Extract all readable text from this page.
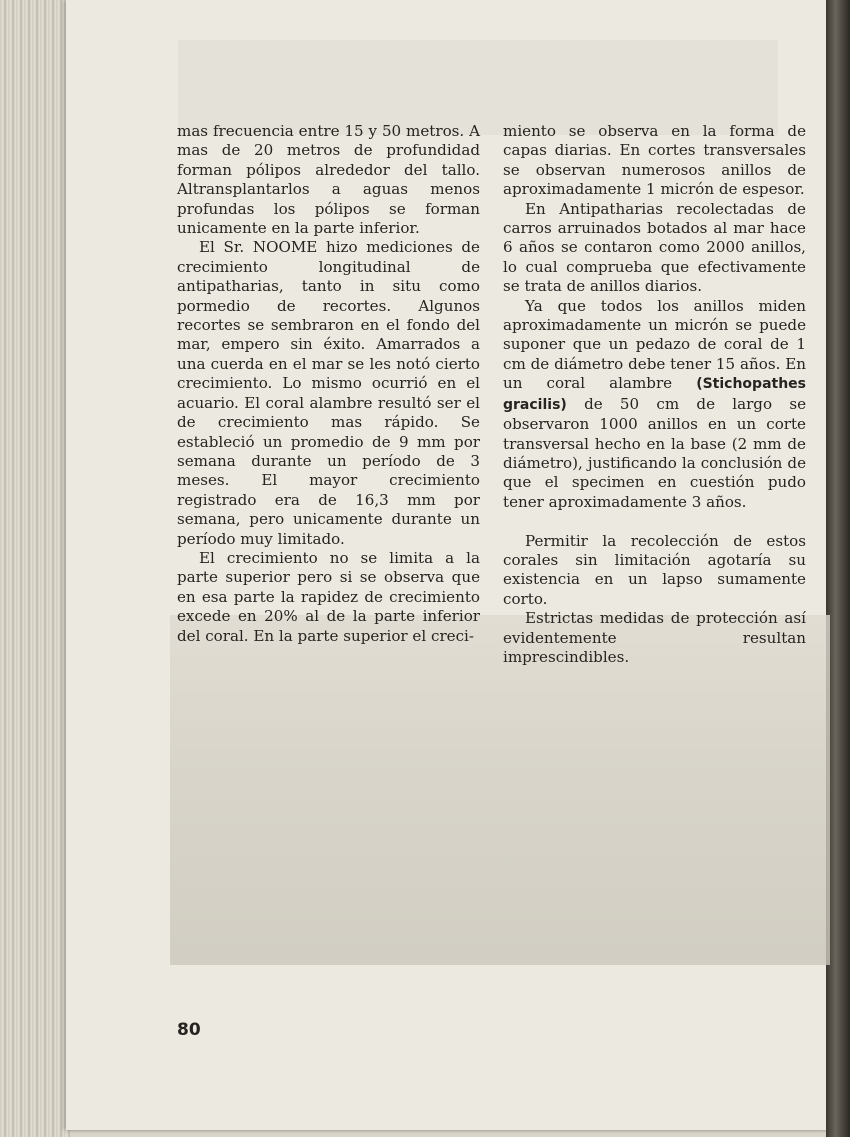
mas frecuencia entre 15 y 50 metros. A mas de 20 metros de profundidad forman pólipos alrededor del tallo. Altransplantarlos a aguas menos profundas los pólipos se forman unicamente en la parte inferior.

El Sr. NOOME hizo mediciones de crecimiento longitudinal de antipatharias, tanto in situ como pormedio de recortes. Algunos recortes se sembraron en el fondo del mar, empero sin éxito. Amarrados a una cuerda en el mar se les notó cierto crecimiento. Lo mismo ocurrió en el acuario. El coral alambre resultó ser el de crecimiento mas rápido. Se estableció un promedio de 9 mm por semana durante un período de 3 meses. El mayor crecimiento registrado era de 16,3 mm por semana, pero unicamente durante un período muy limitado.

El crecimiento no se limita a la parte superior pero si se observa que en esa parte la rapidez de crecimiento excede en 20% al de la parte inferior del coral. En la parte superior el creci-

miento se observa en la forma de capas diarias. En cortes transversales se observan numerosos anillos de aproximadamente 1 micrón de espesor.

En Antipatharias recolectadas de carros arruinados botados al mar hace 6 años se contaron como 2000 anillos, lo cual comprueba que efectivamente se trata de anillos diarios.

Ya que todos los anillos miden aproximadamente un micrón se puede suponer que un pedazo de coral de 1 cm de diámetro debe tener 15 años. En un coral alambre (Stichopathes gracilis) de 50 cm de largo se observaron 1000 anillos en un corte transversal hecho en la base (2 mm de diámetro), justificando la conclusión de que el specimen en cuestión pudo tener aproximadamente 3 años.

Permitir la recolección de estos corales sin limitación agotaría su existencia en un lapso sumamente corto.

Estrictas medidas de protección así evidentemente resultan imprescindibles.

80
